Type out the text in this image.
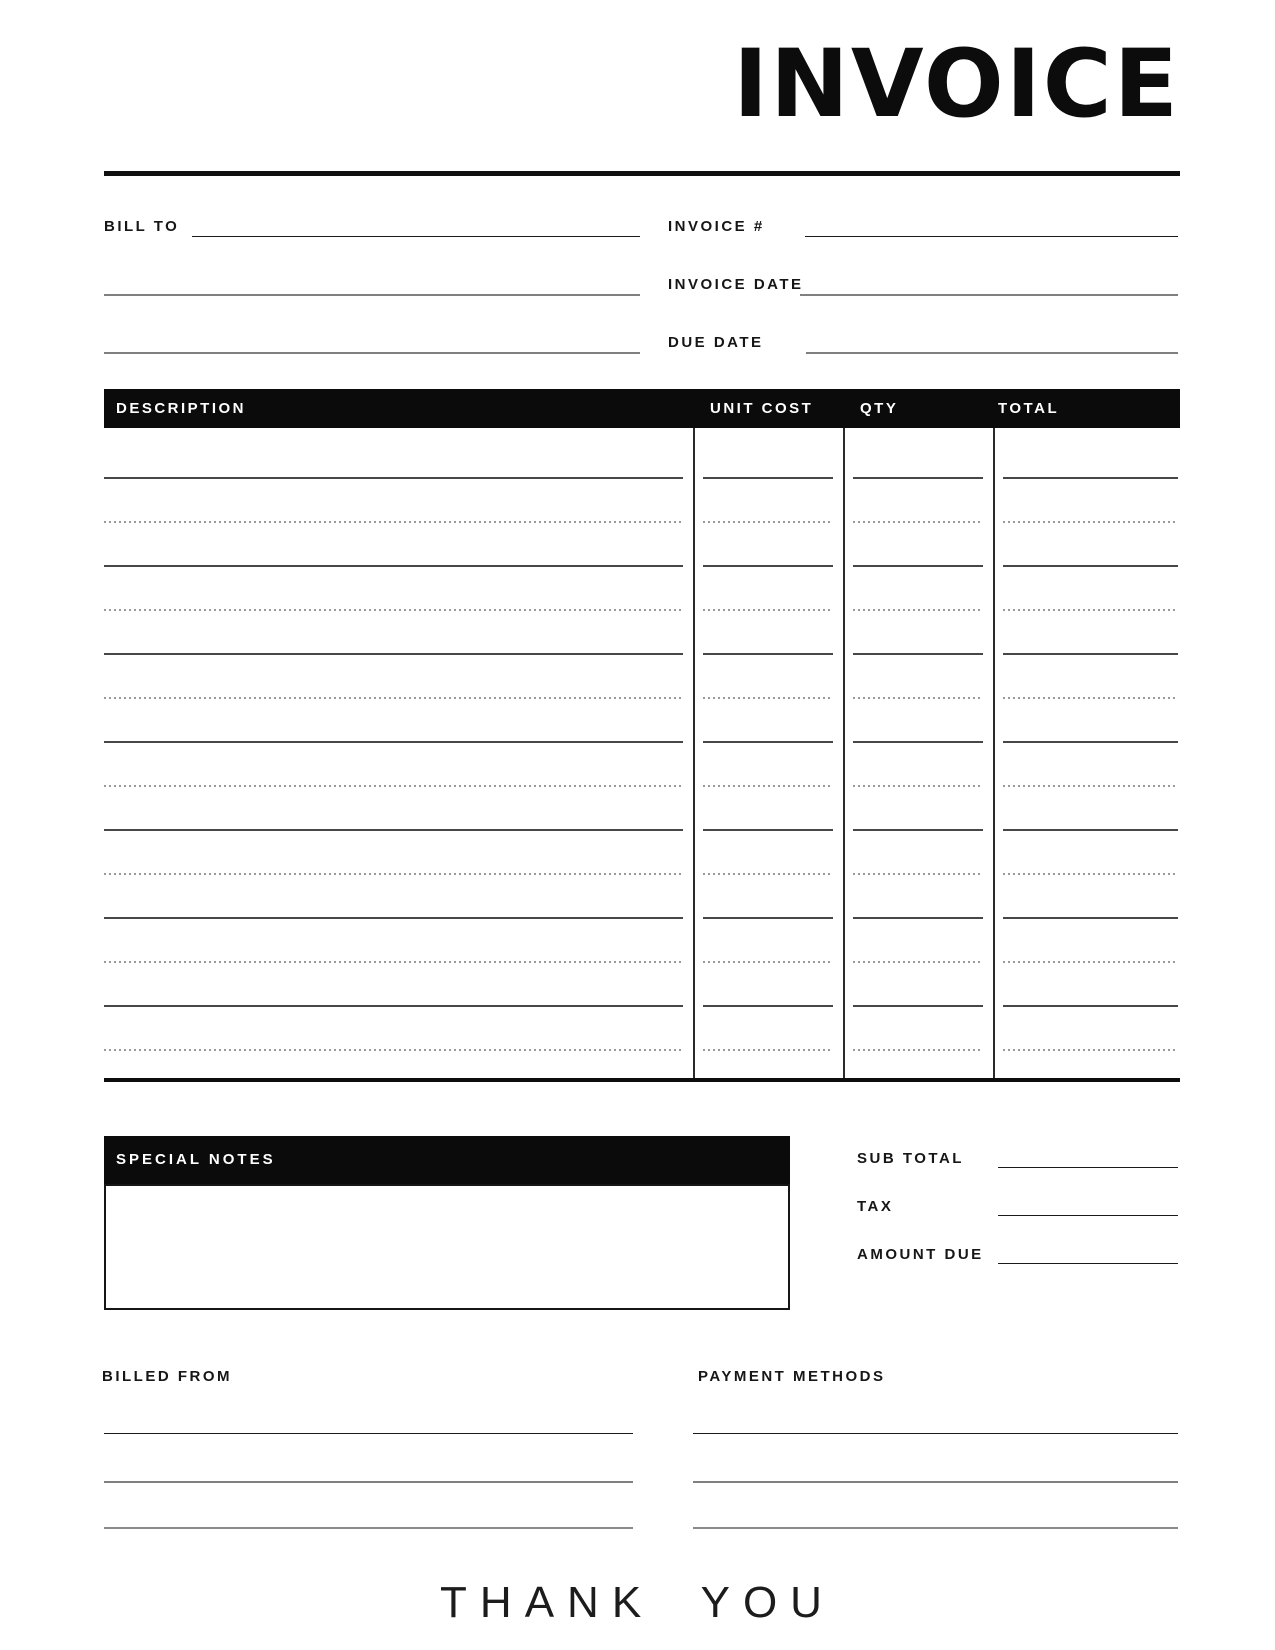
INVOICE
BILL TO	INVOICE #
INVOICE DATE
DUE DATE
DESCRIPTION	UNIT COST	QTY	TOTAL
SPECIAL NOTES	SUB TOTAL
TAX
AMOUNT DUE
BILLED FROM	PAYMENT METHODS
THANK YOU
